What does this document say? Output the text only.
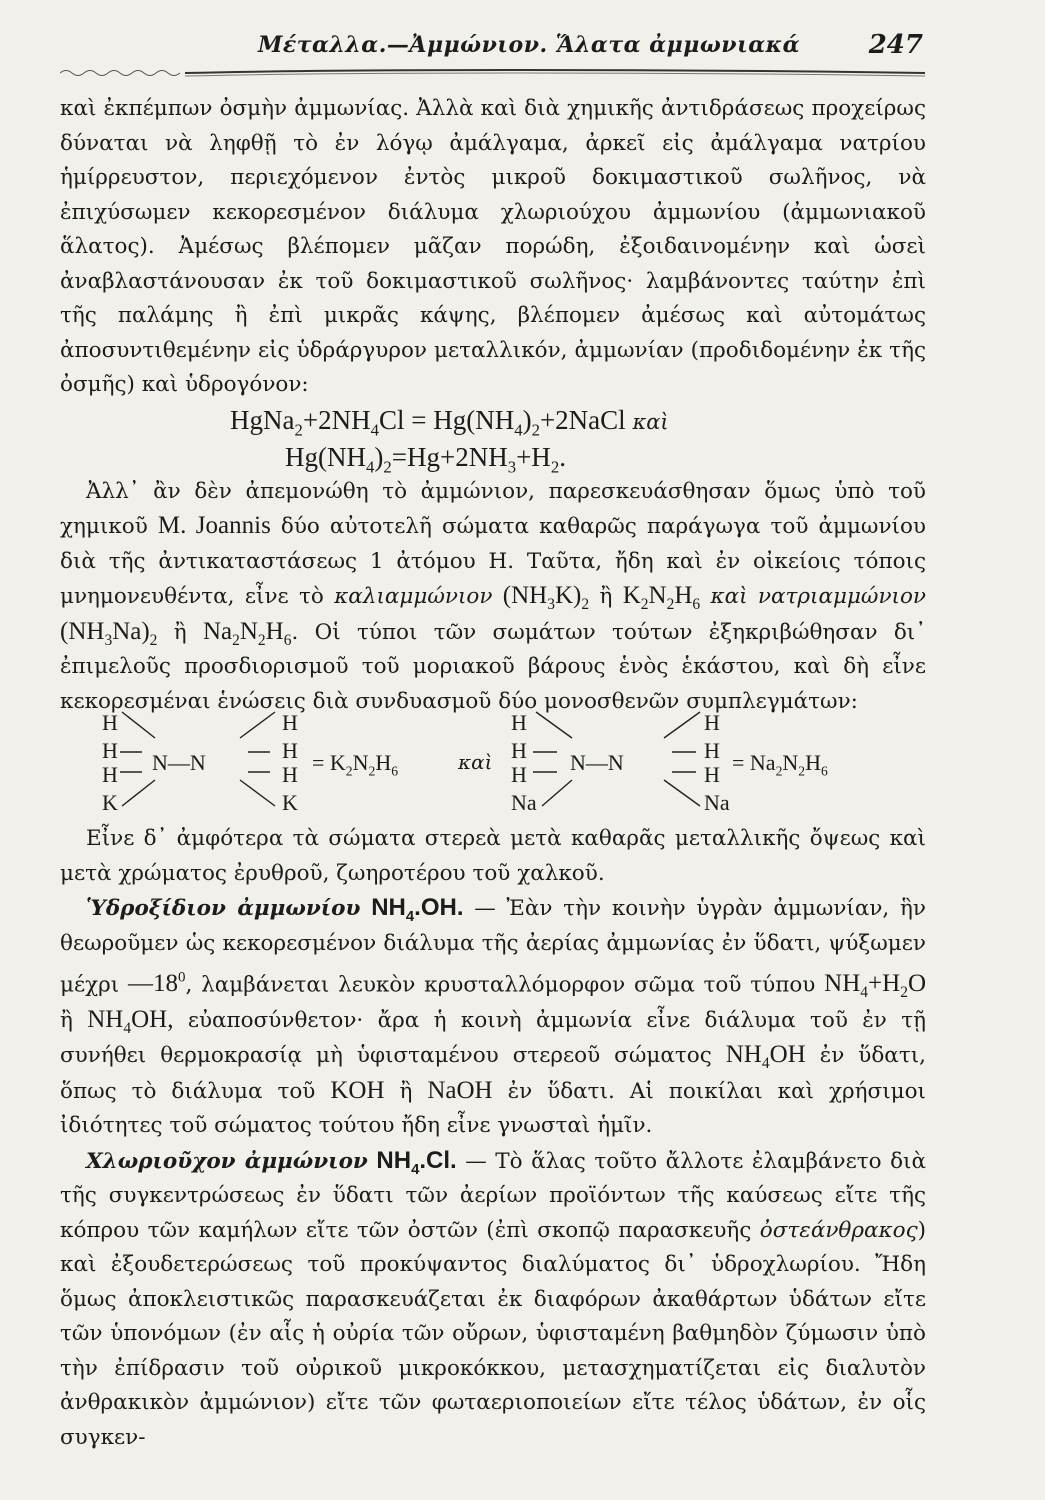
Μέταλλα.—Ἀμμώνιον. Ἅλατα ἀμμωνιακά	247

καὶ ἐκπέμπων ὀσμὴν ἀμμωνίας. Ἀλλὰ καὶ διὰ χημικῆς ἀντιδράσεως προχείρως δύναται νὰ ληφθῇ τὸ ἐν λόγῳ ἀμάλγαμα, ἀρκεῖ εἰς ἀμάλγαμα νατρίου ἡμίρρευστον, περιεχόμενον ἐντὸς μικροῦ δοκιμαστικοῦ σωλῆνος, νὰ ἐπιχύσωμεν κεκορεσμένον διάλυμα χλωριούχου ἀμμωνίου (ἀμμωνιακοῦ ἅλατος). Ἀμέσως βλέπομεν μᾶζαν πορώδη, ἐξοιδαινομένην καὶ ὡσεὶ ἀναβλαστάνουσαν ἐκ τοῦ δοκιμαστικοῦ σωλῆνος· λαμβάνοντες ταύτην ἐπὶ τῆς παλάμης ἢ ἐπὶ μικρᾶς κάψης, βλέπομεν ἀμέσως καὶ αὐτομάτως ἀποσυντιθεμένην εἰς ὑδράργυρον μεταλλικόν, ἀμμωνίαν (προδιδομένην ἐκ τῆς ὀσμῆς) καὶ ὑδρογόνον:

$HgNa_2+2NH_4Cl$ = $Hg(NH_4)_2+2NaCl$ καὶ

$Hg(NH_4)_2=Hg+2NH_3+H_2$.

Ἀλλ᾽ ἂν δὲν ἀπεμονώθη τὸ ἀμμώνιον, παρεσκευάσθησαν ὅμως ὑπὸ τοῦ χημικοῦ M. Joannis δύο αὐτοτελῆ σώματα καθαρῶς παράγωγα τοῦ ἀμμωνίου διὰ τῆς ἀντικαταστάσεως 1 ἀτόμου H. Ταῦτα, ἤδη καὶ ἐν οἰκείοις τόποις μνημονευθέντα, εἶνε τὸ καλιαμμώνιον $(NH_3K)_2$ ἢ $K_2N_2H_6$ καὶ νατριαμμώνιον $(NH_3Na)_2$ ἢ $Na_2N_2H_6$. Οἱ τύποι τῶν σωμάτων τούτων ἐξηκριβώθησαν δι᾽ ἐπιμελοῦς προσδιορισμοῦ τοῦ μοριακοῦ βάρους ἑνὸς ἑκάστου, καὶ δὴ εἶνε κεκορεσμέναι ἑνώσεις διὰ συνδυασμοῦ δύο μονοσθενῶν συμπλεγμάτων:

H
H
H
K
N—N
H
H
H
K
= $K_2N_2H_6$	καὶ
H
H
H
Na
N—N
H
H
H
Na
= $Na_2N_2H_6$

Εἶνε δ᾽ ἀμφότερα τὰ σώματα στερεὰ μετὰ καθαρᾶς μεταλλικῆς ὄψεως καὶ μετὰ χρώματος ἐρυθροῦ, ζωηροτέρου τοῦ χαλκοῦ.

Ὑδροξίδιον ἀμμωνίου $NH_4.OH$. — Ἐὰν τὴν κοινὴν ὑγρὰν ἀμμωνίαν, ἣν θεωροῦμεν ὡς κεκορεσμένον διάλυμα τῆς ἀερίας ἀμμωνίας ἐν ὕδατι, ψύξωμεν μέχρι $—18^0$, λαμβάνεται λευκὸν κρυσταλλόμορφον σῶμα τοῦ τύπου $NH_4+H_2O$ ἢ $NH_4OH$, εὐαποσύνθετον· ἄρα ἡ κοινὴ ἀμμωνία εἶνε διάλυμα τοῦ ἐν τῇ συνήθει θερμοκρασίᾳ μὴ ὑφισταμένου στερεοῦ σώματος $NH_4OH$ ἐν ὕδατι, ὅπως τὸ διάλυμα τοῦ KOH ἢ NaOH ἐν ὕδατι. Αἱ ποικίλαι καὶ χρήσιμοι ἰδιότητες τοῦ σώματος τούτου ἤδη εἶνε γνωσταὶ ἡμῖν.

Χλωριοῦχον ἀμμώνιον $NH_4.Cl$. — Τὸ ἅλας τοῦτο ἄλλοτε ἐλαμβάνετο διὰ τῆς συγκεντρώσεως ἐν ὕδατι τῶν ἀερίων προϊόντων τῆς καύσεως εἴτε τῆς κόπρου τῶν καμήλων εἴτε τῶν ὀστῶν (ἐπὶ σκοπῷ παρασκευῆς ὀστεάνθρακος) καὶ ἐξουδετερώσεως τοῦ προκύψαντος διαλύματος δι᾽ ὑδροχλωρίου. Ἤδη ὅμως ἀποκλειστικῶς παρασκευάζεται ἐκ διαφόρων ἀκαθάρτων ὑδάτων εἴτε τῶν ὑπονόμων (ἐν αἷς ἡ οὐρία τῶν οὔρων, ὑφισταμένη βαθμηδὸν ζύμωσιν ὑπὸ τὴν ἐπίδρασιν τοῦ οὐρικοῦ μικροκόκκου, μετασχηματίζεται εἰς διαλυτὸν ἀνθρακικὸν ἀμμώνιον) εἴτε τῶν φωταεριοποιείων εἴτε τέλος ὑδάτων, ἐν οἷς συγκεν-
